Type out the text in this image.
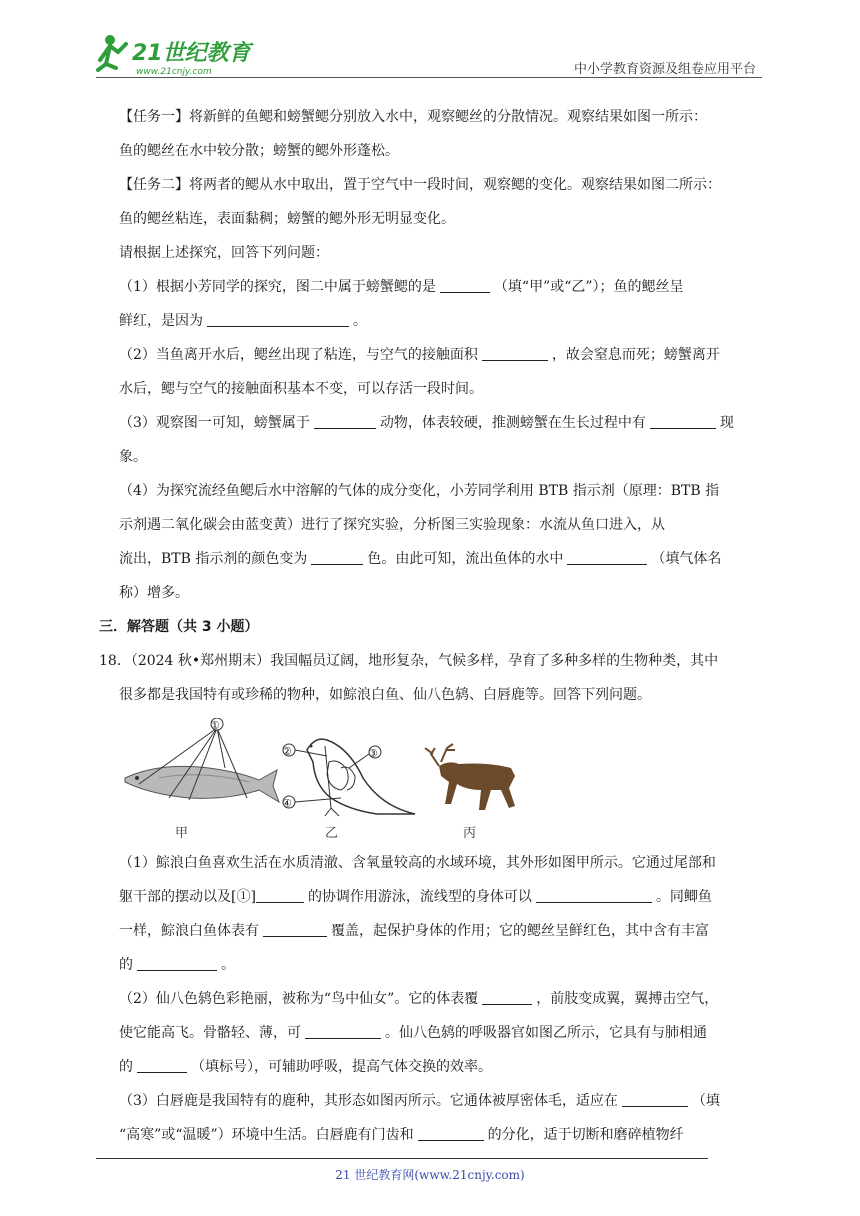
21世纪教育
www.21cnjy.com	中小学教育资源及组卷应用平台
【任务一】将新鲜的鱼鳃和螃蟹鳃分别放入水中，观察鳃丝的分散情况。观察结果如图一所示：
鱼的鳃丝在水中较分散；螃蟹的鳃外形蓬松。
【任务二】将两者的鳃从水中取出，置于空气中一段时间，观察鳃的变化。观察结果如图二所示：
鱼的鳃丝粘连，表面黏稠；螃蟹的鳃外形无明显变化。
请根据上述探究，回答下列问题：
（1）根据小芳同学的探究，图二中属于螃蟹鳃的是	（填“甲”或“乙”）；鱼的鳃丝呈
鲜红，是因为	。
（2）当鱼离开水后，鳃丝出现了粘连，与空气的接触面积	，故会窒息而死；螃蟹离开
水后，鳃与空气的接触面积基本不变，可以存活一段时间。
（3）观察图一可知，螃蟹属于	动物，体表较硬，推测螃蟹在生长过程中有	现
象。
（4）为探究流经鱼鳃后水中溶解的气体的成分变化，小芳同学利用 BTB 指示剂（原理：BTB 指
示剂遇二氧化碳会由蓝变黄）进行了探究实验，分析图三实验现象：水流从鱼口进入，从
流出，BTB 指示剂的颜色变为	色。由此可知，流出鱼体的水中	（填气体名
称）增多。
三．解答题（共 3 小题）
18．（2024 秋•郑州期末）我国幅员辽阔，地形复杂，气候多样，孕育了多种多样的生物种类，其中
很多都是我国特有或珍稀的物种，如鯮浪白鱼、仙八色鸫、白唇鹿等。回答下列问题。
①
②	③
④
甲	乙	丙
（1）鯮浪白鱼喜欢生活在水质清澈、含氧量较高的水域环境，其外形如图甲所示。它通过尾部和
躯干部的摆动以及[①]	的协调作用游泳，流线型的身体可以	。同鲫鱼
一样，鯮浪白鱼体表有	覆盖，起保护身体的作用；它的鳃丝呈鲜红色，其中含有丰富
的	。
（2）仙八色鸫色彩艳丽，被称为“鸟中仙女”。它的体表覆	，前肢变成翼，翼搏击空气，
使它能高飞。骨骼轻、薄，可	。仙八色鸫的呼吸器官如图乙所示，它具有与肺相通
的	（填标号），可辅助呼吸，提高气体交换的效率。
（3）白唇鹿是我国特有的鹿种，其形态如图丙所示。它通体被厚密体毛，适应在	（填
“高寒”或“温暖”）环境中生活。白唇鹿有门齿和	的分化，适于切断和磨碎植物纤
21 世纪教育网(www.21cnjy.com)
